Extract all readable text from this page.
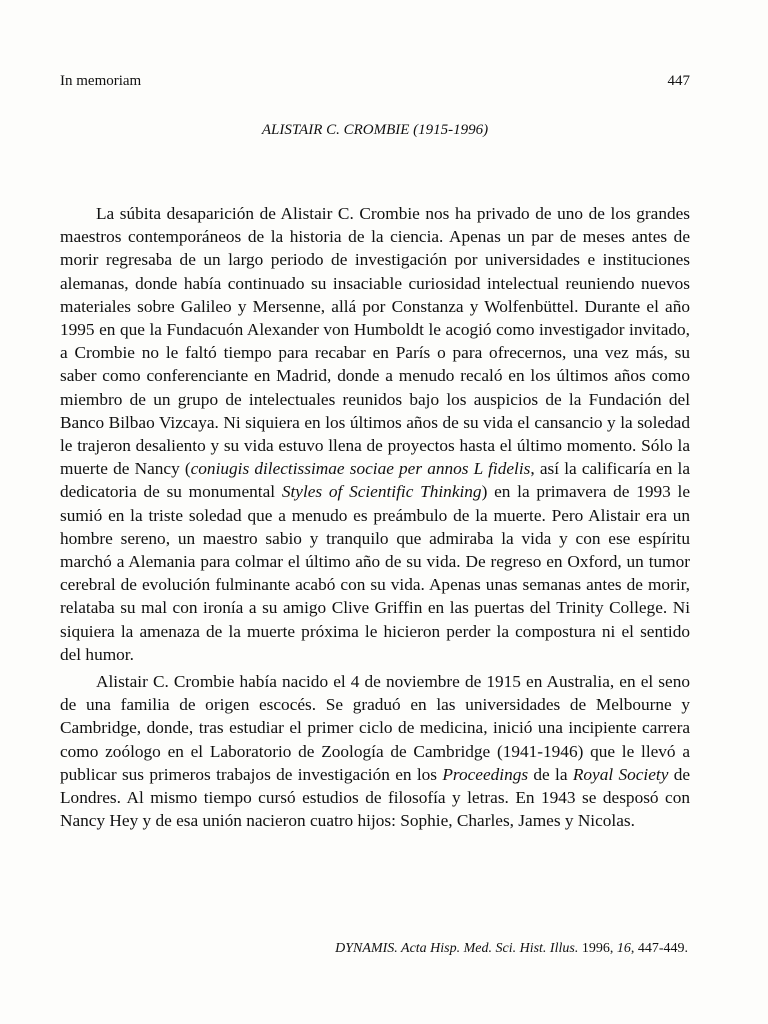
In memoriam	447
ALISTAIR C. CROMBIE (1915-1996)

La súbita desaparición de Alistair C. Crombie nos ha privado de uno de los grandes maestros contemporáneos de la historia de la ciencia. Apenas un par de meses antes de morir regresaba de un largo periodo de investigación por universidades e instituciones alemanas, donde había continuado su insaciable curiosidad intelectual reuniendo nuevos materiales sobre Galileo y Mersenne, allá por Constanza y Wolfenbüttel. Durante el año 1995 en que la Fundacuón Alexander von Humboldt le acogió como investigador invitado, a Crombie no le faltó tiempo para recabar en París o para ofrecernos, una vez más, su saber como conferenciante en Madrid, donde a menudo recaló en los últimos años como miembro de un grupo de intelectuales reunidos bajo los auspicios de la Fundación del Banco Bilbao Vizcaya. Ni siquiera en los últimos años de su vida el cansancio y la soledad le trajeron desaliento y su vida estuvo llena de proyectos hasta el último momento. Sólo la muerte de Nancy (coniugis dilectissimae sociae per annos L fidelis, así la calificaría en la dedicatoria de su monumental Styles of Scientific Thinking) en la primavera de 1993 le sumió en la triste soledad que a menudo es preámbulo de la muerte. Pero Alistair era un hombre sereno, un maestro sabio y tranquilo que admiraba la vida y con ese espíritu marchó a Alemania para colmar el último año de su vida. De regreso en Oxford, un tumor cerebral de evolución fulminante acabó con su vida. Apenas unas semanas antes de morir, relataba su mal con ironía a su amigo Clive Griffin en las puertas del Trinity College. Ni siquiera la amenaza de la muerte próxima le hicieron perder la compostura ni el sentido del humor.

Alistair C. Crombie había nacido el 4 de noviembre de 1915 en Australia, en el seno de una familia de origen escocés. Se graduó en las universidades de Melbourne y Cambridge, donde, tras estudiar el primer ciclo de medicina, inició una incipiente carrera como zoólogo en el Laboratorio de Zoología de Cambridge (1941-1946) que le llevó a publicar sus primeros trabajos de investigación en los Proceedings de la Royal Society de Londres. Al mismo tiempo cursó estudios de filosofía y letras. En 1943 se desposó con Nancy Hey y de esa unión nacieron cuatro hijos: Sophie, Charles, James y Nicolas.

DYNAMIS. Acta Hisp. Med. Sci. Hist. Illus. 1996, 16, 447-449.
